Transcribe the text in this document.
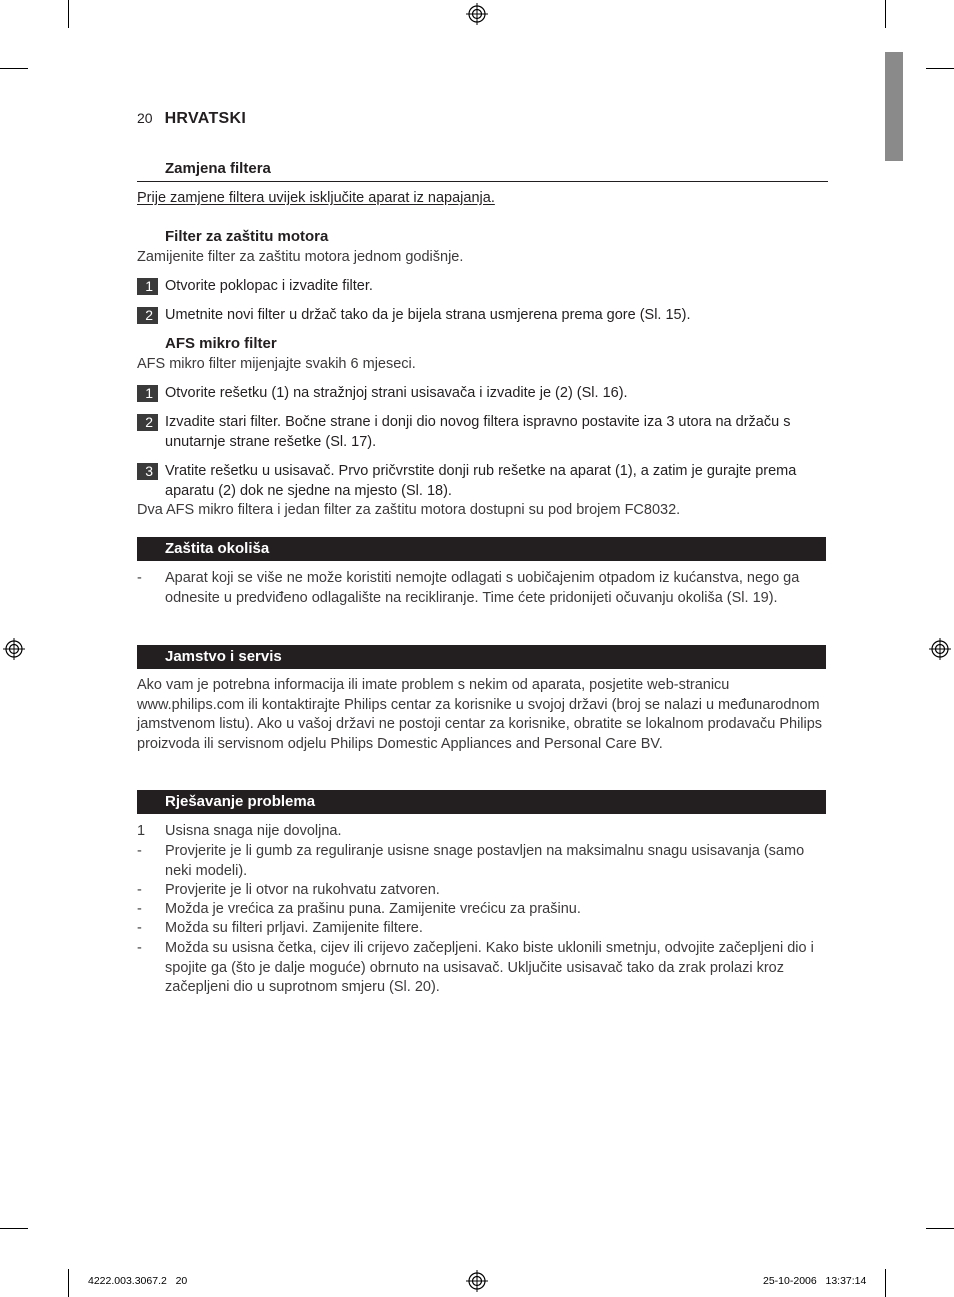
20 HRVATSKI
Zamjena filtera
Prije zamjene filtera uvijek isključite aparat iz napajanja.
Filter za zaštitu motora
Zamijenite filter za zaštitu motora jednom godišnje.
1 Otvorite poklopac i izvadite filter.
2 Umetnite novi filter u držač tako da je bijela strana usmjerena prema gore (Sl. 15).
AFS mikro filter
AFS mikro filter mijenjajte svakih 6 mjeseci.
1 Otvorite rešetku (1) na stražnjoj strani usisavača i izvadite je (2) (Sl. 16).
2 Izvadite stari filter. Bočne strane i donji dio novog filtera ispravno postavite iza 3 utora na držaču s unutarnje strane rešetke (Sl. 17).
3 Vratite rešetku u usisavač. Prvo pričvrstite donji rub rešetke na aparat (1), a zatim je gurajte prema aparatu (2) dok ne sjedne na mjesto (Sl. 18).
Dva AFS mikro filtera i jedan filter za zaštitu motora dostupni su pod brojem FC8032.
Zaštita okoliša
-	Aparat koji se više ne može koristiti nemojte odlagati s uobičajenim otpadom iz kućanstva, nego ga odnesite u predviđeno odlagalište na recikliranje. Time ćete pridonijeti očuvanju okoliša (Sl. 19).
Jamstvo i servis
Ako vam je potrebna informacija ili imate problem s nekim od aparata, posjetite web-stranicu www.philips.com ili kontaktirajte Philips centar za korisnike u svojoj državi (broj se nalazi u međunarodnom jamstvenom listu). Ako u vašoj državi ne postoji centar za korisnike, obratite se lokalnom prodavaču Philips proizvoda ili servisnom odjelu Philips Domestic Appliances and Personal Care BV.
Rješavanje problema
1	Usisna snaga nije dovoljna.
-	Provjerite je li gumb za reguliranje usisne snage postavljen na maksimalnu snagu usisavanja (samo neki modeli).
-	Provjerite je li otvor na rukohvatu zatvoren.
-	Možda je vrećica za prašinu puna. Zamijenite vrećicu za prašinu.
-	Možda su filteri prljavi. Zamijenite filtere.
-	Možda su usisna četka, cijev ili crijevo začepljeni. Kako biste uklonili smetnju, odvojite začepljeni dio i spojite ga (što je dalje moguće) obrnuto na usisavač. Uključite usisavač tako da zrak prolazi kroz začepljeni dio u suprotnom smjeru (Sl. 20).
4222.003.3067.2 20	25-10-2006 13:37:14
